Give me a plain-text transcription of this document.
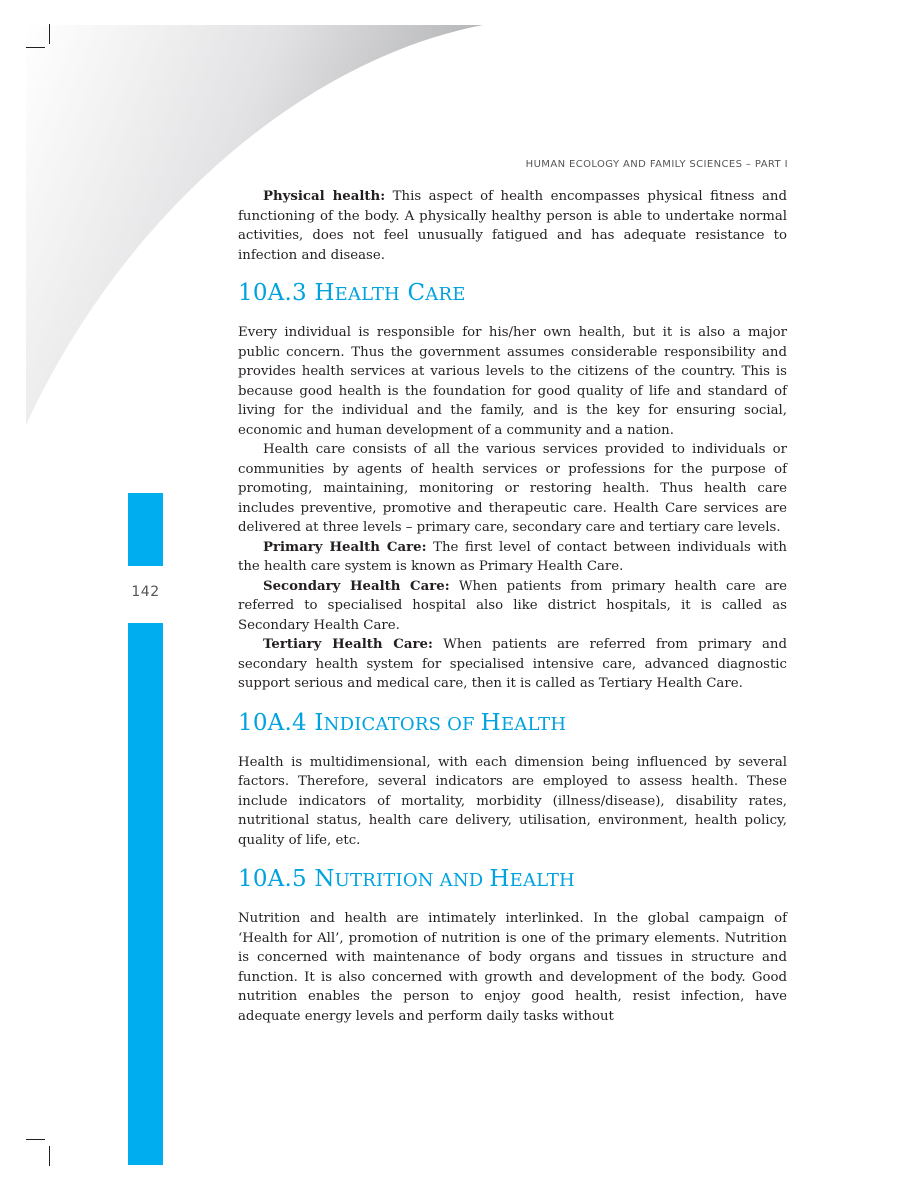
142
HUMAN ECOLOGY AND FAMILY SCIENCES – PART I

Physical health: This aspect of health encompasses physical fitness and functioning of the body. A physically healthy person is able to undertake normal activities, does not feel unusually fatigued and has adequate resistance to infection and disease.

10A.3 HEALTH CARE

Every individual is responsible for his/her own health, but it is also a major public concern. Thus the government assumes considerable responsibility and provides health services at various levels to the citizens of the country. This is because good health is the foundation for good quality of life and standard of living for the individual and the family, and is the key for ensuring social, economic and human development of a community and a nation.

Health care consists of all the various services provided to individuals or communities by agents of health services or professions for the purpose of promoting, maintaining, monitoring or restoring health. Thus health care includes preventive, promotive and therapeutic care. Health Care services are delivered at three levels – primary care, secondary care and tertiary care levels.

Primary Health Care: The first level of contact between individuals with the health care system is known as Primary Health Care.

Secondary Health Care: When patients from primary health care are referred to specialised hospital also like district hospitals, it is called as Secondary Health Care.

Tertiary Health Care: When patients are referred from primary and secondary health system for specialised intensive care, advanced diagnostic support serious and medical care, then it is called as Tertiary Health Care.

10A.4 INDICATORS OF HEALTH

Health is multidimensional, with each dimension being influenced by several factors. Therefore, several indicators are employed to assess health. These include indicators of mortality, morbidity (illness/disease), disability rates, nutritional status, health care delivery, utilisation, environment, health policy, quality of life, etc.

10A.5 NUTRITION AND HEALTH

Nutrition and health are intimately interlinked. In the global campaign of ‘Health for All’, promotion of nutrition is one of the primary elements. Nutrition is concerned with maintenance of body organs and tissues in structure and function. It is also concerned with growth and development of the body. Good nutrition enables the person to enjoy good health, resist infection, have adequate energy levels and perform daily tasks without
